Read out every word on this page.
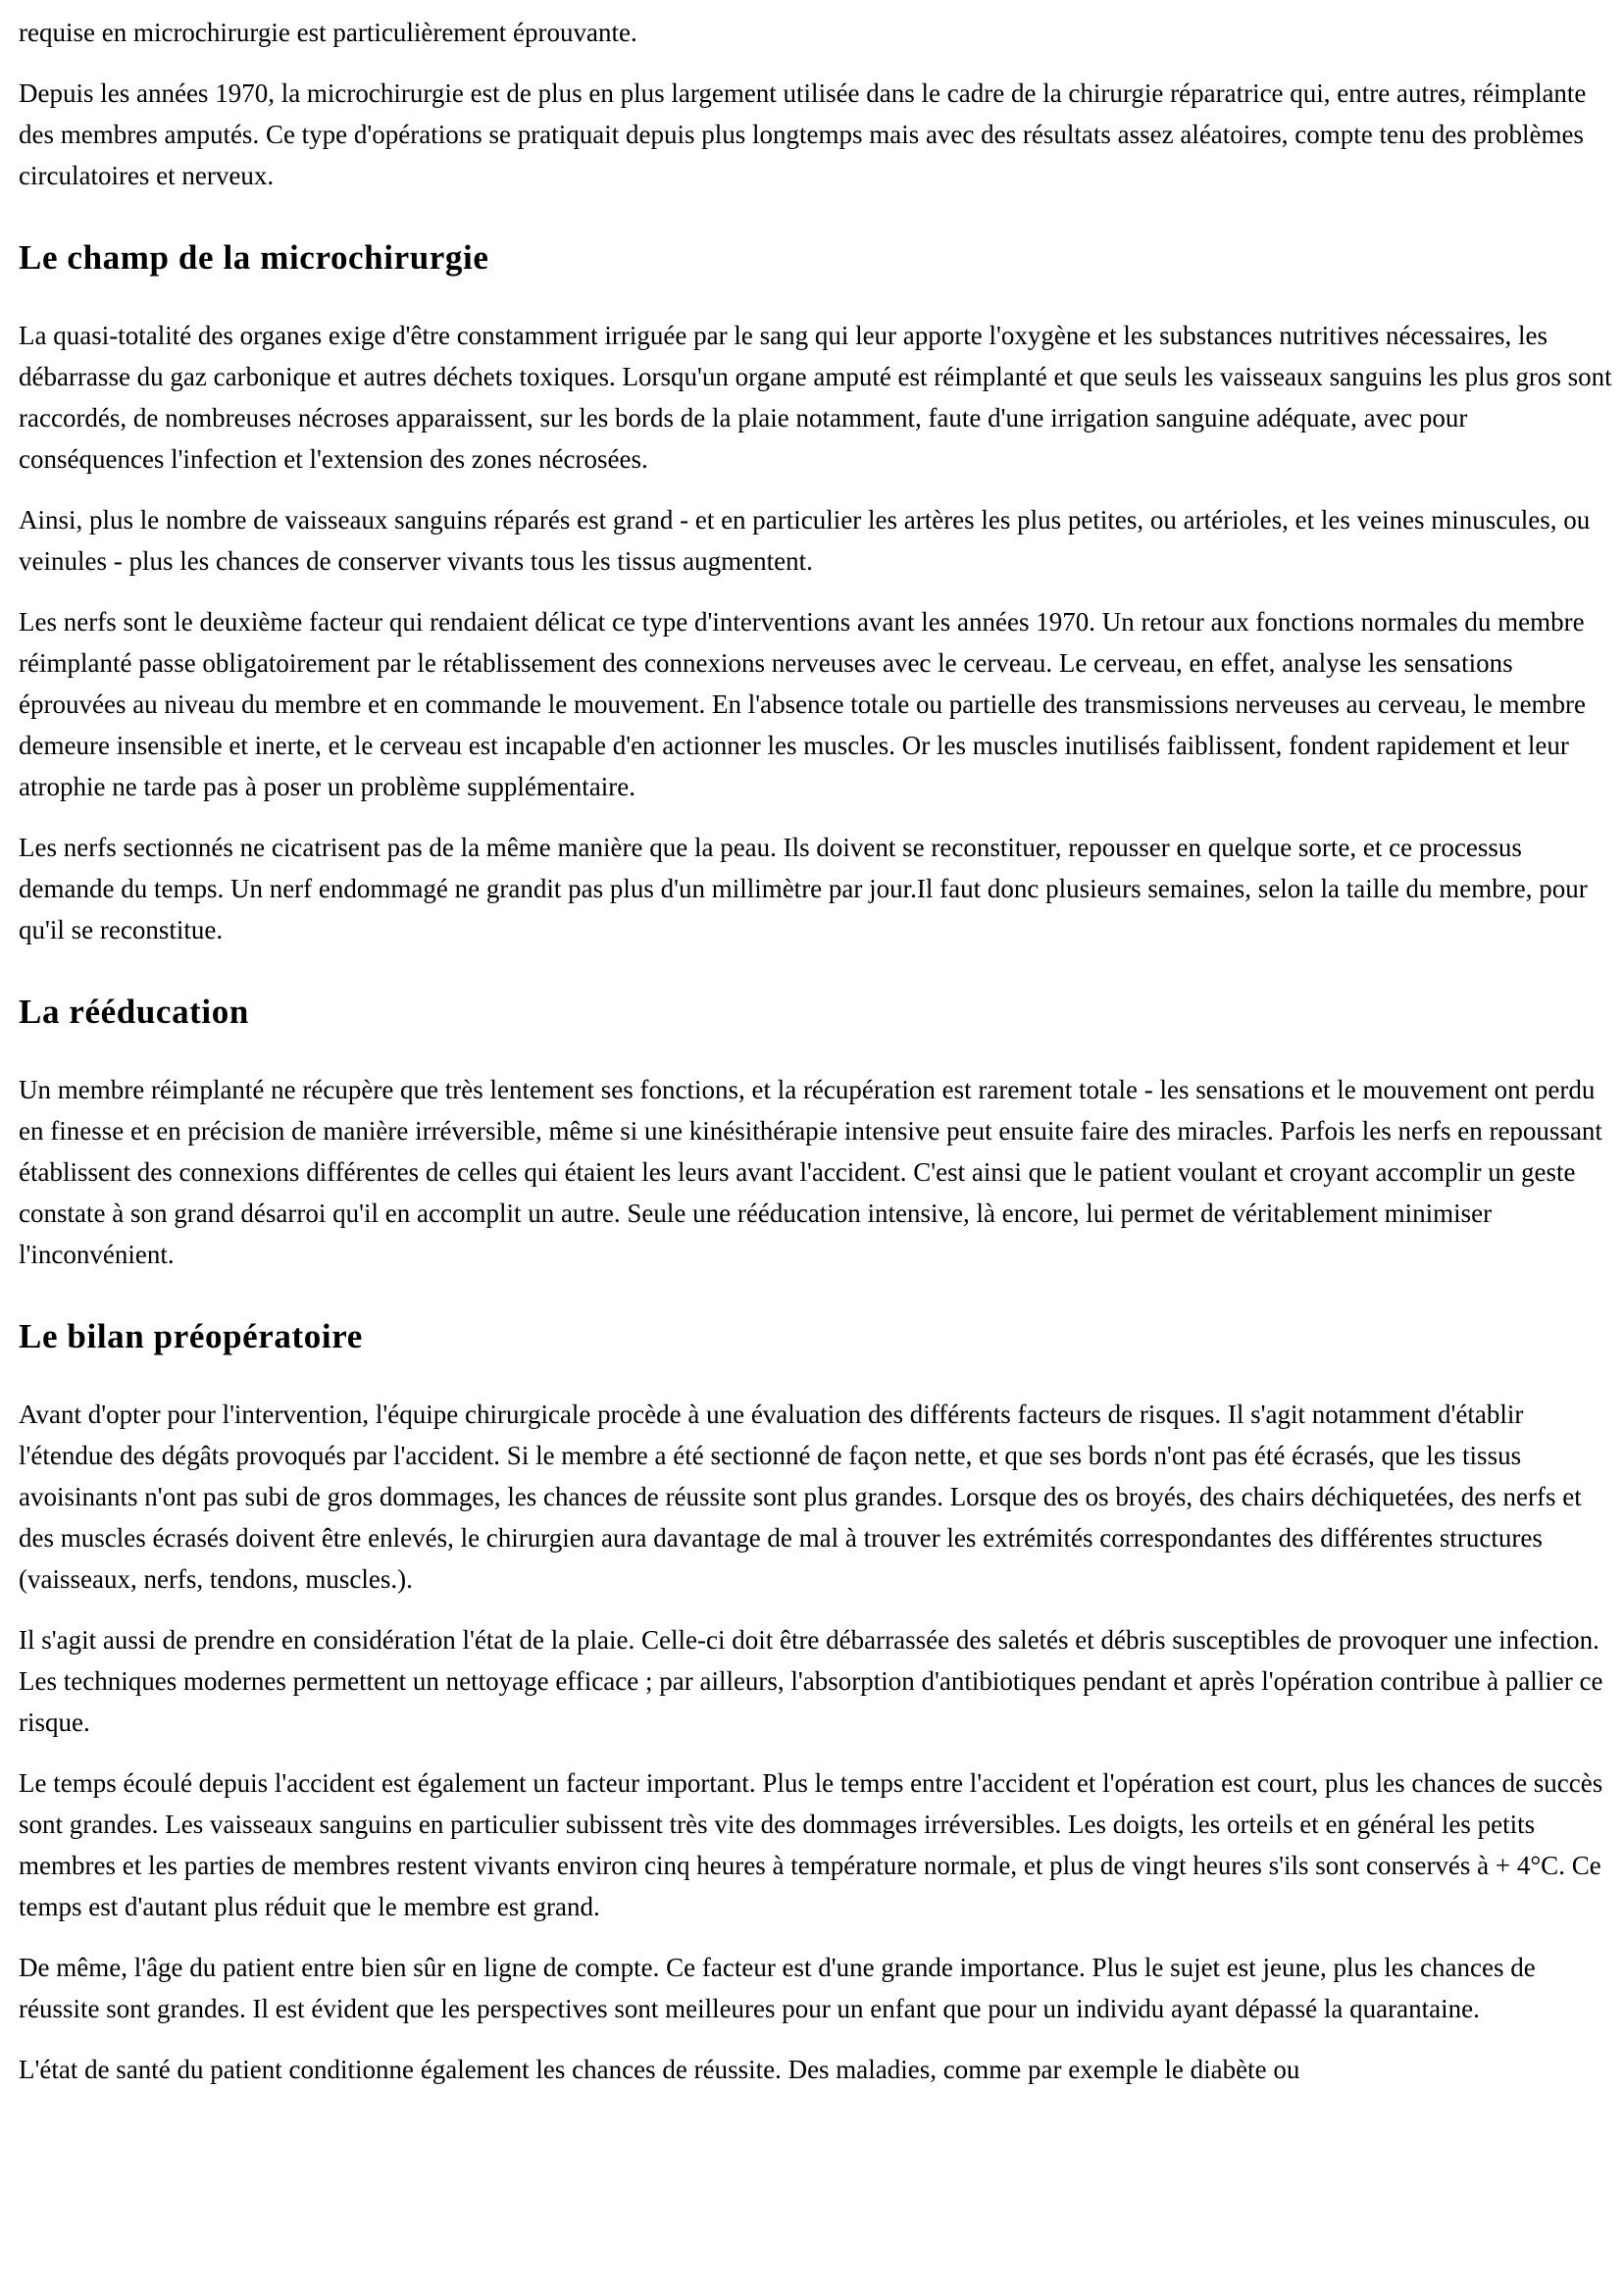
requise en microchirurgie est particulièrement éprouvante.

Depuis les années 1970, la microchirurgie est de plus en plus largement utilisée dans le cadre de la chirurgie réparatrice qui, entre autres, réimplante des membres amputés. Ce type d'opérations se pratiquait depuis plus longtemps mais avec des résultats assez aléatoires, compte tenu des problèmes circulatoires et nerveux.

Le champ de la microchirurgie

La quasi-totalité des organes exige d'être constamment irriguée par le sang qui leur apporte l'oxygène et les substances nutritives nécessaires, les débarrasse du gaz carbonique et autres déchets toxiques. Lorsqu'un organe amputé est réimplanté et que seuls les vaisseaux sanguins les plus gros sont raccordés, de nombreuses nécroses apparaissent, sur les bords de la plaie notamment, faute d'une irrigation sanguine adéquate, avec pour conséquences l'infection et l'extension des zones nécrosées.

Ainsi, plus le nombre de vaisseaux sanguins réparés est grand - et en particulier les artères les plus petites, ou artérioles, et les veines minuscules, ou veinules - plus les chances de conserver vivants tous les tissus augmentent.

Les nerfs sont le deuxième facteur qui rendaient délicat ce type d'interventions avant les années 1970. Un retour aux fonctions normales du membre réimplanté passe obligatoirement par le rétablissement des connexions nerveuses avec le cerveau. Le cerveau, en effet, analyse les sensations éprouvées au niveau du membre et en commande le mouvement. En l'absence totale ou partielle des transmissions nerveuses au cerveau, le membre demeure insensible et inerte, et le cerveau est incapable d'en actionner les muscles. Or les muscles inutilisés faiblissent, fondent rapidement et leur atrophie ne tarde pas à poser un problème supplémentaire.

Les nerfs sectionnés ne cicatrisent pas de la même manière que la peau. Ils doivent se reconstituer, repousser en quelque sorte, et ce processus demande du temps. Un nerf endommagé ne grandit pas plus d'un millimètre par jour.Il faut donc plusieurs semaines, selon la taille du membre, pour qu'il se reconstitue.

La rééducation

Un membre réimplanté ne récupère que très lentement ses fonctions, et la récupération est rarement totale - les sensations et le mouvement ont perdu en finesse et en précision de manière irréversible, même si une kinésithérapie intensive peut ensuite faire des miracles. Parfois les nerfs en repoussant établissent des connexions différentes de celles qui étaient les leurs avant l'accident. C'est ainsi que le patient voulant et croyant accomplir un geste constate à son grand désarroi qu'il en accomplit un autre. Seule une rééducation intensive, là encore, lui permet de véritablement minimiser l'inconvénient.

Le bilan préopératoire

Avant d'opter pour l'intervention, l'équipe chirurgicale procède à une évaluation des différents facteurs de risques. Il s'agit notamment d'établir l'étendue des dégâts provoqués par l'accident. Si le membre a été sectionné de façon nette, et que ses bords n'ont pas été écrasés, que les tissus avoisinants n'ont pas subi de gros dommages, les chances de réussite sont plus grandes. Lorsque des os broyés, des chairs déchiquetées, des nerfs et des muscles écrasés doivent être enlevés, le chirurgien aura davantage de mal à trouver les extrémités correspondantes des différentes structures (vaisseaux, nerfs, tendons, muscles.).

Il s'agit aussi de prendre en considération l'état de la plaie. Celle-ci doit être débarrassée des saletés et débris susceptibles de provoquer une infection. Les techniques modernes permettent un nettoyage efficace ; par ailleurs, l'absorption d'antibiotiques pendant et après l'opération contribue à pallier ce risque.

Le temps écoulé depuis l'accident est également un facteur important. Plus le temps entre l'accident et l'opération est court, plus les chances de succès sont grandes. Les vaisseaux sanguins en particulier subissent très vite des dommages irréversibles. Les doigts, les orteils et en général les petits membres et les parties de membres restent vivants environ cinq heures à température normale, et plus de vingt heures s'ils sont conservés à + 4°C. Ce temps est d'autant plus réduit que le membre est grand.

De même, l'âge du patient entre bien sûr en ligne de compte. Ce facteur est d'une grande importance. Plus le sujet est jeune, plus les chances de réussite sont grandes. Il est évident que les perspectives sont meilleures pour un enfant que pour un individu ayant dépassé la quarantaine.

L'état de santé du patient conditionne également les chances de réussite. Des maladies, comme par exemple le diabète ou
